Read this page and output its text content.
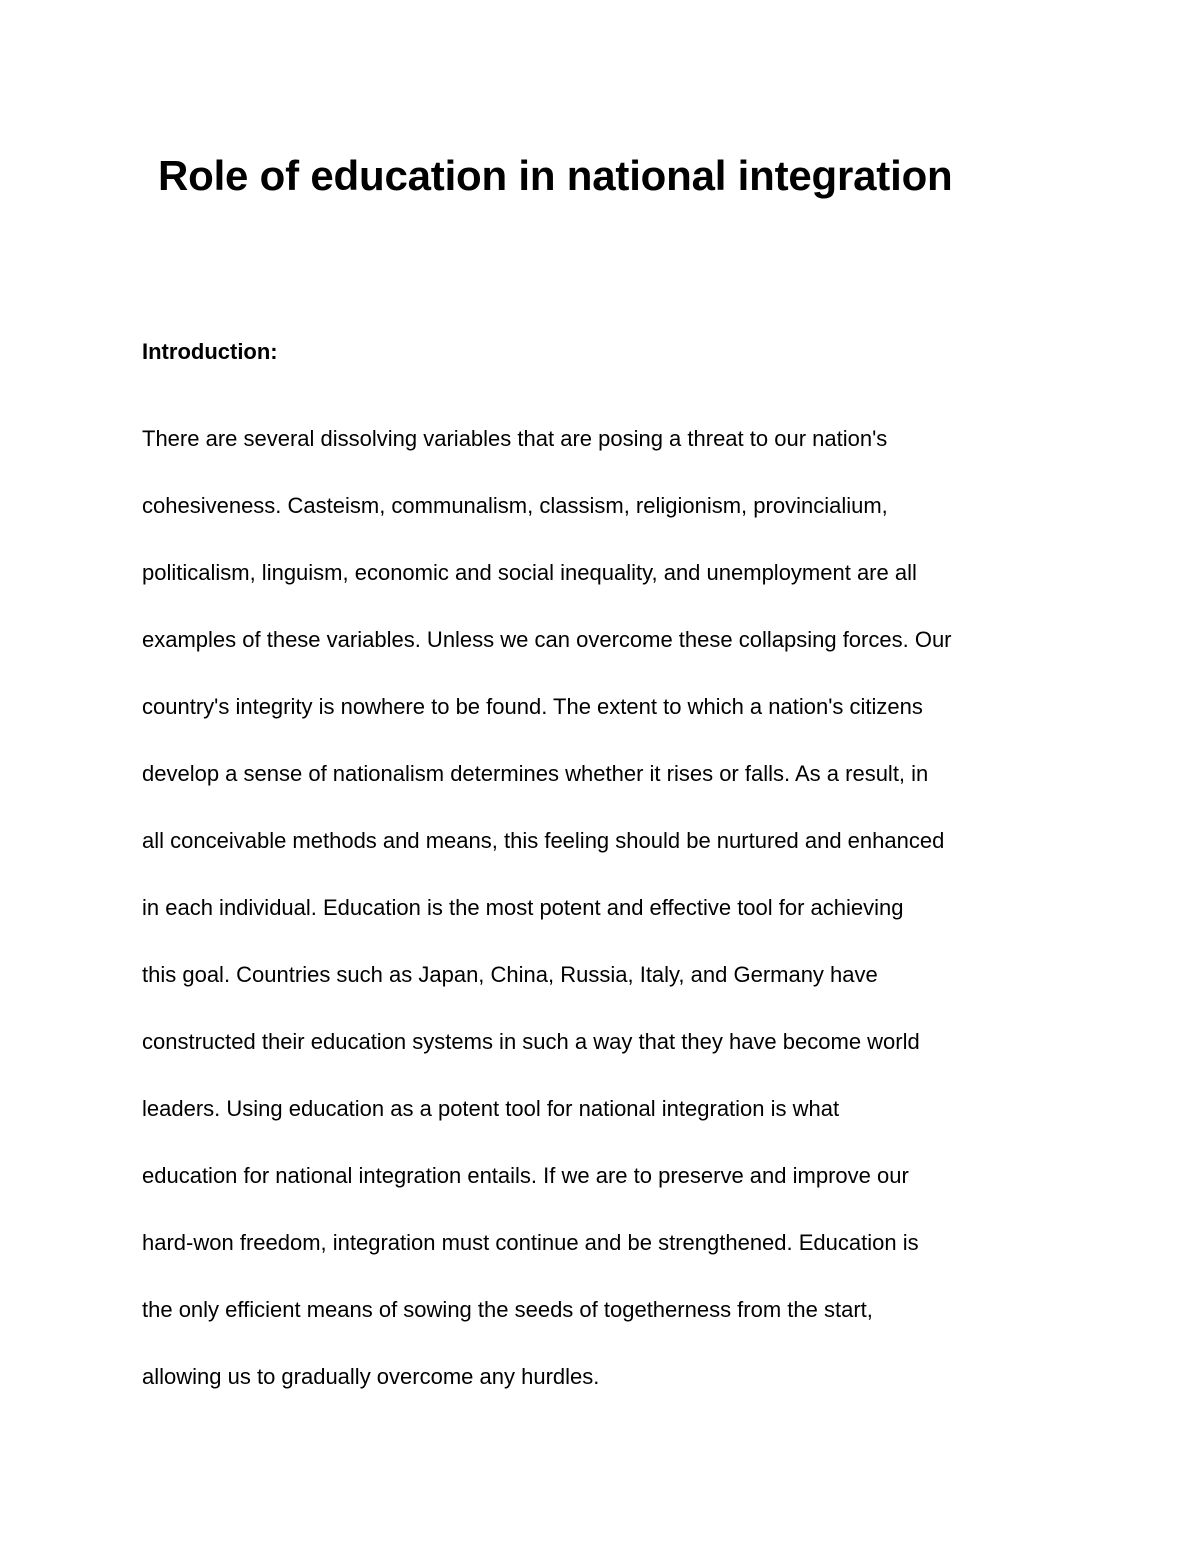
Role of education in national integration
Introduction:
There are several dissolving variables that are posing a threat to our nation's
cohesiveness. Casteism, communalism, classism, religionism, provincialium,
politicalism, linguism, economic and social inequality, and unemployment are all
examples of these variables. Unless we can overcome these collapsing forces. Our
country's integrity is nowhere to be found. The extent to which a nation's citizens
develop a sense of nationalism determines whether it rises or falls. As a result, in
all conceivable methods and means, this feeling should be nurtured and enhanced
in each individual. Education is the most potent and effective tool for achieving
this goal. Countries such as Japan, China, Russia, Italy, and Germany have
constructed their education systems in such a way that they have become world
leaders. Using education as a potent tool for national integration is what
education for national integration entails. If we are to preserve and improve our
hard-won freedom, integration must continue and be strengthened. Education is
the only efficient means of sowing the seeds of togetherness from the start,
allowing us to gradually overcome any hurdles.
